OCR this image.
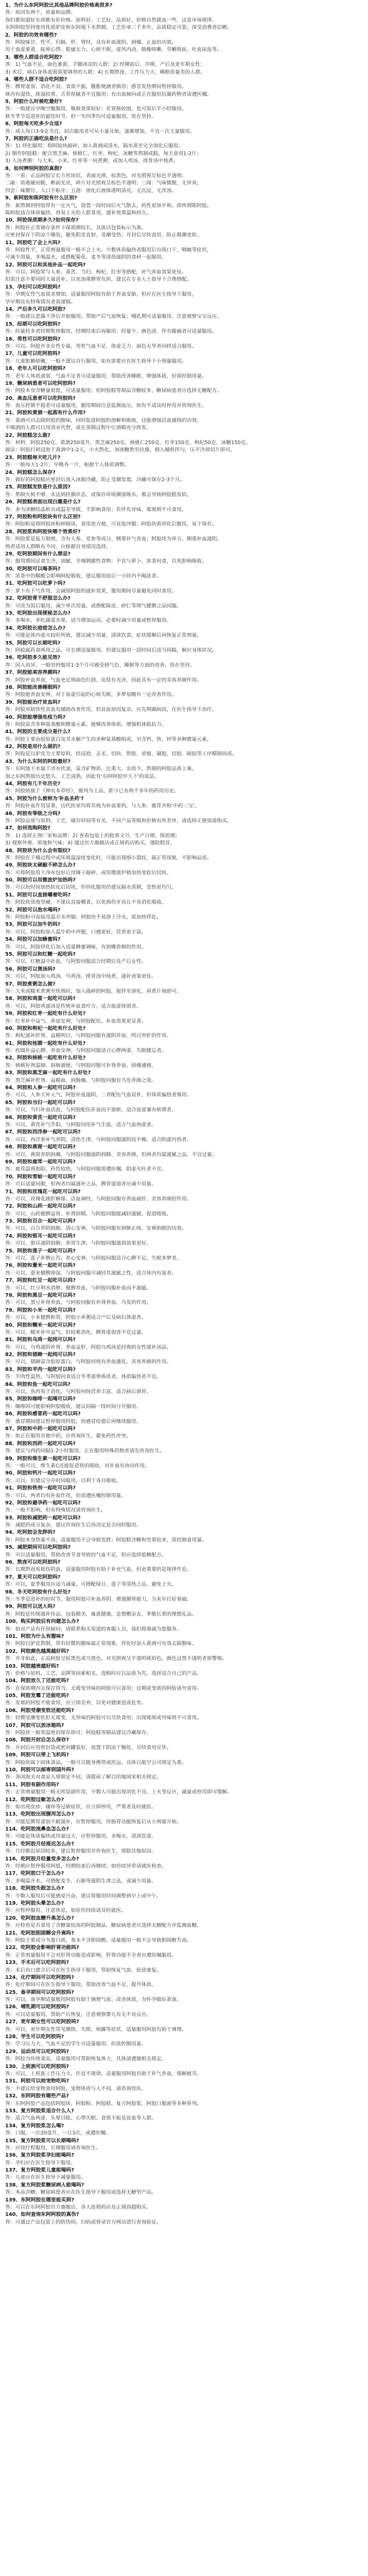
1、为什么东阿阿胶比其他品牌阿胶价格高很多?
答：原因有两个，质量和品牌。
我们都知道好东西都有好价格。原料好、工艺好、品质好，价格自然就高一些，这是市场规律。
东阿阿胶坚持使用优质驴皮和东阿地下水熬制，工艺传承三千多年，品质稳定可靠，深受消费者信赖。
2、阿胶的功效有哪些?
答：阿胶味甘、性平，归肺、肝、肾经，具有补血滋阴、润燥、止血的功效。
用于血虚萎黄、眩晕心悸、肌痿无力、心烦不眠、虚风内动、肺燥咳嗽、劳嗽咯血、吐血尿血等。
3、哪些人群适合吃阿胶?
答：1) 气血不足、面色萎黄、手脚冰凉的人群；2) 经期前后、孕期、产后及更年期女性；
3) 术后、病后身体虚弱需要调养的人群；4) 长期熬夜、工作压力大、睡眠质量差的人群。
4、哪些人群不适合吃阿胶?
答：脾胃虚弱、消化不良、食欲不振、腹胀便溏者慎用；感冒发热期间暂停服用。
体内有湿热、痰湿较重、舌苔厚腻者不宜服用；有出血倾向或正在服用抗凝药物者请遵医嘱。
5、阿胶什么时候吃最好?
答：一般建议早晚空腹服用，吸收效果较好；若胃肠较弱，也可饭后半小时服用。
秋冬季节是进补的最佳时节，但一年四季均可适量服用，贵在坚持。
6、阿胶每天吃多少合适?
答：成人每日3-9克为宜，初次服用者可从小量开始，逐渐增加，不宜一次大量服用。
7、阿胶的正确吃法是什么?
答：1) 烊化服用：将阿胶块敲碎，加入黄酒或清水，隔水蒸至完全溶化后服用；
2) 制作阿胶糕：配合黑芝麻、核桃仁、红枣、枸杞、冰糖等熬制成糕，每天食用1-2片；
3) 入汤煮粥：与大米、小米、红枣等一同煮粥，或加入鸡汤、排骨汤中炖煮。
8、如何辨别阿胶的真假?
答：一看：正品阿胶呈长方形块状，表面光滑，棕黑色，对光照视呈棕色半透明；
二敲：质地硬而脆，断面光亮，碎片对光照视呈棕色半透明；三闻：气味微腥，无异臭；
四尝：味微甘，入口不粘牙；五溶：溶化后液体透明清亮，无沉淀、无浑浊。
9、新阿胶和陈阿胶有什么区别?
答：新熬制的阿胶带有一定火气，放置一段时间后火气散去，药性更加平和，即所谓陈阿胶。
陈阿胶适合体质偏热、容易上火的人群食用，滋补效果温和持久。
10、阿胶保质期多久?如何保存?
答：阿胶在正常储存条件下保质期较长，具体以包装标示为准。
应密封保存于阴凉干燥处，避免阳光直射、受潮受热；开封后尽快食用，防止吸潮变软。
11、阿胶吃了会上火吗?
答：阿胶性平，正常剂量服用一般不会上火。少数体质偏热者服用后出现口干、咽痛等症状，
可减少用量，多喝温水，或搭配菊花、麦冬等清热滋阴的食材一起服用。
12、阿胶可以和其他补品一起吃吗?
答：可以。阿胶常与人参、黄芪、当归、枸杞、红枣等搭配，补气养血效果更佳。
但需注意不要同时大量进补，以免加重脾胃负担，建议在专业人士指导下合理搭配。
13、孕妇可以吃阿胶吗?
答：孕期女性气血需求增加，适量服用阿胶有助于养血安胎，但应在医生指导下服用，
孕早期及有特殊情况者需谨慎。
14、产后多久可以吃阿胶?
答：一般建议恶露干净后开始服用，帮助产后气血恢复；哺乳期可适量服用，注意观察宝宝反应。
15、经期可以吃阿胶吗?
答：经量较多者经期暂停服用，经期结束后再服用；经量少、颜色淡、伴有腹痛者可适量服用。
16、男性可以吃阿胶吗?
答：可以。阿胶并非女性专属，男性气血不足、体虚乏力、面色无华者同样适合服用。
17、儿童可以吃阿胶吗?
答：儿童脏腑娇嫩，一般不建议自行服用，如有需要应在医生指导下小剂量服用。
18、老年人可以吃阿胶吗?
答：老年人体质虚弱、气血不足者可适量服用，帮助改善睡眠、增强体质，但需控制用量。
19、糖尿病患者可以吃阿胶吗?
答：阿胶本身含糖量很低，可适量服用；但阿胶糕等制品含糖较多，糖尿病患者应选择无糖配方。
20、高血压患者可以吃阿胶吗?
答：血压控制平稳者可适量服用，服用期间注意监测血压，如有不适及时停用并咨询医生。
21、阿胶和黄酒一起蒸有什么作用?
答：黄酒可以去除阿胶的腥味，同时促进阿胶的溶解和吸收，还能增强活血通络的功效。
不喝酒的人群可以用清水代替，或在蒸制过程中让酒精充分挥发。
22、阿胶糕怎么做?
答：材料：阿胶250克、黄酒250毫升、黑芝麻250克、核桃仁250克、红枣150克、枸杞50克、冰糖150克。
做法：阿胶打碎浸泡于黄酒中1-2天，小火熬化，加冰糖熬至挂旗，倒入辅料拌匀，压平冷却切片即可。
23、阿胶糕每天吃几片?
答：一般每天1-2片，早晚各一片，根据个人体质调整。
24、阿胶糕怎么保存?
答：做好的阿胶糕应密封后放入冰箱冷藏，防止受潮发霉，冷藏可保存2-3个月。
25、阿胶糕发软是什么原因?
答：熬制火候不够、未达到挂旗状态，或保存环境潮湿吸水，都会导致阿胶糕发软。
26、阿胶糕表面出现白霜是什么?
答：多为冰糖结晶析出或温差导致，不影响食用；若伴有异味、霉斑则不可食用。
27、阿胶粉和阿胶块有什么区别?
答：阿胶粉是将阿胶块粉碎制成，食用更方便，可直接冲服；阿胶块需烊化后服用，易于保存。
28、阿胶浆和阿胶块哪个效果好?
答：阿胶浆是复方制剂，含有人参、党参等成分，侧重补气养血；阿胶块为单方，侧重补血滋阴。
两者适用人群略有不同，应根据自身情况选择。
29、吃阿胶期间有什么禁忌?
答：服用期间忌食生冷、油腻、辛辣刺激性食物；不宜与萝卜、浓茶同食，以免影响吸收。
30、吃阿胶可以喝茶吗?
答：浓茶中的鞣酸会影响阿胶吸收，建议服用前后一小时内不喝浓茶。
31、吃阿胶可以吃萝卜吗?
答：萝卜有下气作用，会减弱阿胶的滋补效果，服用期间尽量避免同时食用。
32、吃阿胶胃不舒服怎么办?
答：可改为饭后服用，减少单次用量，或搭配陈皮、砂仁等理气健脾之品同服。
33、吃阿胶出现便秘怎么办?
答：多喝水，多吃蔬菜水果，适当增加运动，必要时减少用量或暂停服用。
34、吃阿胶长痘痘怎么办?
答：可能是体内虚火较旺所致，建议减少用量，清淡饮食，症状缓解后再恢复正常剂量。
35、阿胶可以长期吃吗?
答：阿胶属药食两用之品，可长期适量服用，但建议服用一段时间后适当间隔，顺应身体状况。
36、吃阿胶多久能见效?
答：因人而异，一般坚持服用1-3个月可感受到气色、睡眠等方面的改善，贵在坚持。
37、阿胶能美容养颜吗?
答：阿胶补血养血，气血充足则面色红润、皮肤有光泽，因此具有一定的美容养颜作用。
38、阿胶能改善睡眠吗?
答：阿胶能养血安神，对于血虚引起的心烦失眠、多梦易醒有一定改善作用。
39、阿胶能治疗贫血吗?
答：阿胶对缺铁性贫血有辅助改善作用，但贫血原因复杂，应先明确病因，在医生指导下治疗。
40、阿胶能增强免疫力吗?
答：阿胶富含多种氨基酸和微量元素，能够改善体质，增强机体抵抗力。
41、阿胶的主要成分是什么?
答：阿胶主要由胶原蛋白及其水解产生的多种氨基酸组成，另含钙、铁、锌等多种微量元素。
42、阿胶是用什么做的?
答：阿胶是以驴皮为主要原料，经浸泡、去毛、切块、熬胶、浓缩、凝胶、切胶、晾胶等工序精制而成。
43、为什么东阿的阿胶最好?
答：东阿地下水属于济水伏流，富含矿物质，比重大、杂质少，熬制的阿胶品质上乘。
加之东阿熬胶历史悠久、工艺成熟，因此有'东阿阿胶甲天下'的说法。
44、阿胶有几千年历史?
答：阿胶始载于《神农本草经》，被列为上品，距今已有两千多年的药用历史。
45、阿胶为什么被称为'补血圣药'?
答：阿胶补血作用显著，历代医家均将其视为补血要药，与人参、鹿茸并称'中药三宝'。
46、阿胶有等级之分吗?
答：阿胶品质与原料、工艺、储存时间等有关，不同产品等级和价格有所差异，请选择正规渠道购买。
47、如何选购阿胶?
答：1) 选择正规厂家和品牌；2) 查看包装上的批准文号、生产日期、保质期；
3) 观察外观、质地和气味；4) 通过官方旗舰店或正规药店购买，谨防假冒。
48、阿胶块为什么会有裂纹?
答：阿胶在干燥过程中或环境温湿度变化时，可能出现细小裂纹，属正常现象，不影响品质。
49、阿胶块太硬敲不碎怎么办?
答：可将阿胶用干净布包好后用锤子敲碎，或用微波炉稍加热变软后切块。
50、阿胶可以用微波炉加热吗?
答：可以短时间加热软化后切块，但烊化服用仍建议隔水蒸制，受热更均匀。
51、阿胶可以直接嚼着吃吗?
答：阿胶块质地坚硬，不建议直接嚼食，以免损伤牙齿且不易消化吸收。
52、阿胶可以泡水喝吗?
答：阿胶粉可直接用温开水冲服；阿胶块不易溶于冷水，需加热烊化。
53、阿胶可以加牛奶吗?
答：可以，阿胶粉加入温牛奶中冲服，口感更好，营养更丰富。
54、阿胶可以加蜂蜜吗?
答：可以，阿胶烊化后加入适量蜂蜜调味，有润燥养颜的作用。
55、阿胶可以和红糖一起吃吗?
答：可以，红糖温中补血，与阿胶同服适合经期后及产后女性。
56、阿胶可以煲汤吗?
答：可以，阿胶加入鸡汤、乌鸡汤、排骨汤中炖煮，滋补效果更佳。
57、阿胶煮粥怎么做?
答：大米或糯米煮粥至快熟时，加入捣碎的阿胶，搅拌至溶化，再煮片刻即可。
58、阿胶和鸡蛋一起吃可以吗?
答：可以，阿胶鸡蛋汤是传统补血食疗方，适合血虚体弱者。
59、阿胶和红枣一起吃有什么好处?
答：红枣补中益气、养血安神，与阿胶配伍，补血效果更显著。
60、阿胶和枸杞一起吃有什么好处?
答：枸杞滋补肝肾、益精明目，与阿胶同服有滋阴养血、明目养肝的作用。
61、阿胶和桂圆一起吃有什么好处?
答：桂圆补益心脾、养血安神，与阿胶同服适合心脾两虚、失眠健忘者。
62、阿胶和核桃一起吃有什么好处?
答：核桃补肾温肺、润肠通便，与阿胶同服可补肾养血、润燥通便。
63、阿胶和黑芝麻一起吃有什么好处?
答：黑芝麻补肝肾、益精血、润肠燥，与阿胶同服有乌发养颜之效。
64、阿胶和人参一起吃可以吗?
答：可以，人参大补元气，阿胶补血滋阴，二者配伍气血双补，但体质偏热者慎用。
65、阿胶和当归一起吃可以吗?
答：可以，当归补血活血，与阿胶配伍补血而不留瘀，适合血虚兼有瘀滞者。
66、阿胶和黄芪一起吃可以吗?
答：可以，黄芪补气升阳，与阿胶同用补气生血，适合气血两虚者。
67、阿胶和西洋参一起吃可以吗?
答：可以，西洋参补气养阴、清热生津，与阿胶同服滋阴而不燥，适合阴虚内热者。
68、阿胶和燕窝一起吃可以吗?
答：可以，燕窝养阴润燥，与阿胶同服滋阴润肺、美容养颜，但两者均属滋腻之品，不宜过量。
69、阿胶和鹿茸一起吃可以吗?
答：鹿茸温肾助阳，药性较热，与阿胶同服需遵医嘱，阴虚火旺者不宜。
70、阿胶和雪蛤一起吃可以吗?
答：可以适量同服，但两者均属滋补之品，脾胃虚弱者应减少用量。
71、阿胶和玫瑰花一起吃可以吗?
答：可以，玫瑰花疏肝解郁、活血调经，与阿胶同服有养血疏肝、美容养颜的作用。
72、阿胶和山药一起吃可以吗?
答：可以，山药健脾益胃、补肾固精，与阿胶同服能减轻滋腻、促进吸收。
73、阿胶和百合一起吃可以吗?
答：可以，百合养阴润肺、清心安神，与阿胶同服有润肺止咳、安神助眠的功效。
74、阿胶和银耳一起吃可以吗?
答：可以，银耳滋阴润肺、养胃生津，与阿胶同服滋润效果更好。
75、阿胶和莲子一起吃可以吗?
答：可以，莲子补脾止泻、养心安神，与阿胶同服适合心脾不足、失眠多梦者。
76、阿胶和薏米一起吃可以吗?
答：可以，薏米健脾渗湿，与阿胶同服可减轻其滋腻之性，适合体内有湿者。
77、阿胶和红豆一起吃可以吗?
答：可以，红豆利水消肿、健脾养血，与阿胶同服补血而不滋腻。
78、阿胶和黑豆一起吃可以吗?
答：可以，黑豆补肾养血，与阿胶同服有补肾养血、乌发的作用。
79、阿胶和小米一起吃可以吗?
答：可以，小米健脾和胃，阿胶小米粥适合产后及病后体虚者。
80、阿胶和糯米一起吃可以吗?
答：可以，糯米补中益气，但较难消化，脾胃虚弱者不宜过量。
81、阿胶和乌鸡一起炖可以吗?
答：可以，乌鸡滋阴补肾、养血益肝，阿胶乌鸡汤是经典的女性滋补汤品。
82、阿胶和猪蹄一起炖可以吗?
答：可以，猪蹄富含胶原蛋白，与阿胶同炖有养血通乳、美容养颜的作用。
83、阿胶和羊肉一起吃可以吗?
答：羊肉性温热，与阿胶同食适合冬季虚寒体质者，体质偏热者不宜。
84、阿胶和鱼一起吃可以吗?
答：可以，鱼肉易于消化，与阿胶同炖营养丰富，适合病后调养。
85、阿胶和咖啡一起喝可以吗?
答：咖啡因可能影响阿胶吸收，建议间隔一段时间分开服用。
86、阿胶和感冒药一起吃可以吗?
答：感冒期间建议暂停服用阿胶，待感冒痊愈后再继续服用。
87、阿胶和中药一起吃可以吗?
答：如正在服用其他中药，应咨询医生，避免药性冲突。
88、阿胶和西药一起吃可以吗?
答：建议与西药间隔1-2小时服用，正在服用特殊药物者请先咨询医生。
89、阿胶和维生素一起吃可以吗?
答：一般可以，维生素C还能促进铁的吸收，对补血有协同作用。
90、阿胶和钙片一起吃可以吗?
答：可以，但建议分开时间服用，以利于各自吸收。
91、阿胶和铁剂一起吃可以吗?
答：可以，两者均有补血作用，但需遵医嘱控制用量。
92、阿胶和避孕药一起吃可以吗?
答：一般不影响，但有特殊情况请咨询医生。
93、阿胶和减肥药一起吃可以吗?
答：减肥药成分复杂，建议咨询医生后再决定是否同时服用。
94、吃阿胶会发胖吗?
答：阿胶本身热量不高，适量服用不会导致发胖；阿胶糕含糖和坚果较多，需控制食用量。
95、减肥期间可以吃阿胶吗?
答：可以适量服用，帮助改善节食导致的气血不足，但应选择低糖配方。
96、熬夜可以吃阿胶吗?
答：长期熬夜易耗伤阴血，适量服用阿胶有助于补充气血，但更重要的是规律作息。
97、夏天可以吃阿胶吗?
答：可以，夏季服用应适当减量，可搭配绿豆、莲子等清热之品，避免上火。
98、冬天吃阿胶有什么好处?
答：冬季是进补的好时节，服用阿胶可补血养阴、增强御寒能力，为来年打好基础。
99、阿胶可以送人吗?
答：阿胶是传统滋补佳品，包装精美，寓意健康，是馈赠亲友、孝敬长辈的理想礼品。
100、购买阿胶后有问题怎么办?
答：如对产品有任何疑问，请联系购买渠道的客服人员，我们将竭诚为您服务。
101、阿胶为什么有腥味?
答：阿胶以驴皮熬制，带有轻微的腥味属正常现象，烊化时加入黄酒可有效去除腥味。
102、阿胶颜色越黑越好吗?
答：并非如此，正品阿胶呈棕黑色或乌黑色，对光照视呈半透明琥珀色，颜色过黑不透明者需警惕。
103、阿胶越贵越好吗?
答：价格与原料、工艺、品牌等因素相关，选购时应以品质为先，选择适合自己的产品。
104、阿胶放久了还能吃吗?
答：在保质期内且保存得当、无霉变异味的阿胶可以食用；过期或变质的阿胶请勿食用。
105、阿胶发霉了还能吃吗?
答：发霉的阿胶不能食用，应立即丢弃，以免对健康造成危害。
106、阿胶受潮变软还能吃吗?
答：轻微受潮变软但无霉变、无异味的阿胶可以尽快食用；出现霉斑或异味则不可食用。
107、阿胶可以放冰箱吗?
答：阿胶块一般常温密封保存即可；阿胶糕等制品建议冷藏保存。
108、阿胶开封后怎么保存?
答：开封后应用密封袋或密封罐装好，放置于阴凉干燥处，尽快食用完毕。
109、阿胶可以带上飞机吗?
答：阿胶块属于固体食品，一般可以随身携带或托运，具体以航空公司规定为准。
110、阿胶可以邮寄到国外吗?
答：各国海关对食品入境规定不同，请提前了解目的地国家相关规定。
111、阿胶有副作用吗?
答：正常剂量服用一般无明显副作用，少数人可能出现消化不良、上火等反应，减量或停用即可缓解。
112、吃阿胶过敏怎么办?
答：如出现皮疹、瘙痒等过敏症状，应立即停用，严重者及时就医。
113、吃阿胶出现腹泻怎么办?
答：可能是脾胃虚弱不耐滋补，应暂停服用，待肠胃功能恢复后从小剂量开始。
114、吃阿胶流鼻血怎么办?
答：可能是体质偏热或用量过大，应暂停服用，多喝水，清淡饮食。
115、吃阿胶月经推迟怎么办?
答：月经推迟原因较多，建议暂停服用并咨询医生，排除其他原因。
116、吃阿胶月经量变多怎么办?
答：经期应暂停服用阿胶，经期结束后再继续；如持续异常请就医检查。
117、吃阿胶口干怎么办?
答：多喝温开水，可搭配麦冬、石斛等滋阴生津之品，或减少用量。
118、吃阿胶失眠怎么办?
答：少数人服用后可能感觉兴奋，建议将服用时间调整到早上或中午。
119、吃阿胶头晕怎么办?
答：应暂停服用，注意休息，如症状持续请及时就医。
120、吃阿胶血糖升高怎么办?
答：应检查是否食用了含糖量较高的阿胶制品，糖尿病患者应选择无糖配方并监测血糖。
121、吃阿胶胆固醇会升高吗?
答：阿胶主要成分为蛋白质，基本不含胆固醇，适量服用一般不会导致胆固醇升高。
122、吃阿胶会影响肝肾功能吗?
答：正常剂量服用不会对肝肾功能造成影响，肝肾功能不全者应遵医嘱服用。
123、手术后可以吃阿胶吗?
答：术后伤口愈合后可在医生指导下服用，帮助恢复气血、促进康复。
124、化疗期间可以吃阿胶吗?
答：化疗期间可在医生指导下服用，帮助改善气血不足、提升体质。
125、备孕期间可以吃阿胶吗?
答：可以，备孕期适量服用阿胶有助于调理气血、改善体质，为怀孕做好准备。
126、哺乳期可以吃阿胶吗?
答：可以适量服用，帮助产后恢复，注意观察婴儿有无不良反应。
127、更年期女性可以吃阿胶吗?
答：可以，更年期女性常见潮热、失眠、烦躁等症状，适量服用阿胶有助于调理。
128、学生可以吃阿胶吗?
答：学习压力大、气血不足的学生可适量服用，但需控制用量。
129、运动员可以吃阿胶吗?
答：阿胶为传统食品，适量服用可帮助恢复体力，具体请遵循相关规定。
130、上班族可以吃阿胶吗?
答：可以，上班族工作压力大、作息不规律，适量服用阿胶有助于补气养血、缓解疲劳。
131、阿胶可以给宠物吃吗?
答：不建议给宠物食用阿胶，宠物体质与人不同，请咨询兽医。
132、东阿阿胶有哪些产品?
答：东阿阿胶产品包括阿胶块、阿胶粉、阿胶糕、复方阿胶浆、阿胶口服液等多种系列。
133、复方阿胶浆适合什么人?
答：适合气血两虚、头晕目眩、心悸失眠、食欲不振及贫血等人群。
134、复方阿胶浆怎么喝?
答：口服，一次20毫升，一日3次，或遵医嘱。
135、复方阿胶浆可以长期喝吗?
答：应按疗程服用，长期服用请咨询医生。
136、复方阿胶浆孕妇能喝吗?
答：孕妇应在医生指导下服用。
137、复方阿胶浆儿童能喝吗?
答：儿童应在医生指导下减量服用。
138、复方阿胶浆糖尿病人能喝吗?
答：本品含糖，糖尿病患者应在医生指导下服用或选择无糖型产品。
139、东阿阿胶在哪里能买到?
答：可以在东阿阿胶官方旗舰店、各大连锁药店及正规商超购买。
140、如何查询东阿阿胶的真伪?
答：可通过产品包装上的防伪码，扫码或登录官方网站进行查询验证。
